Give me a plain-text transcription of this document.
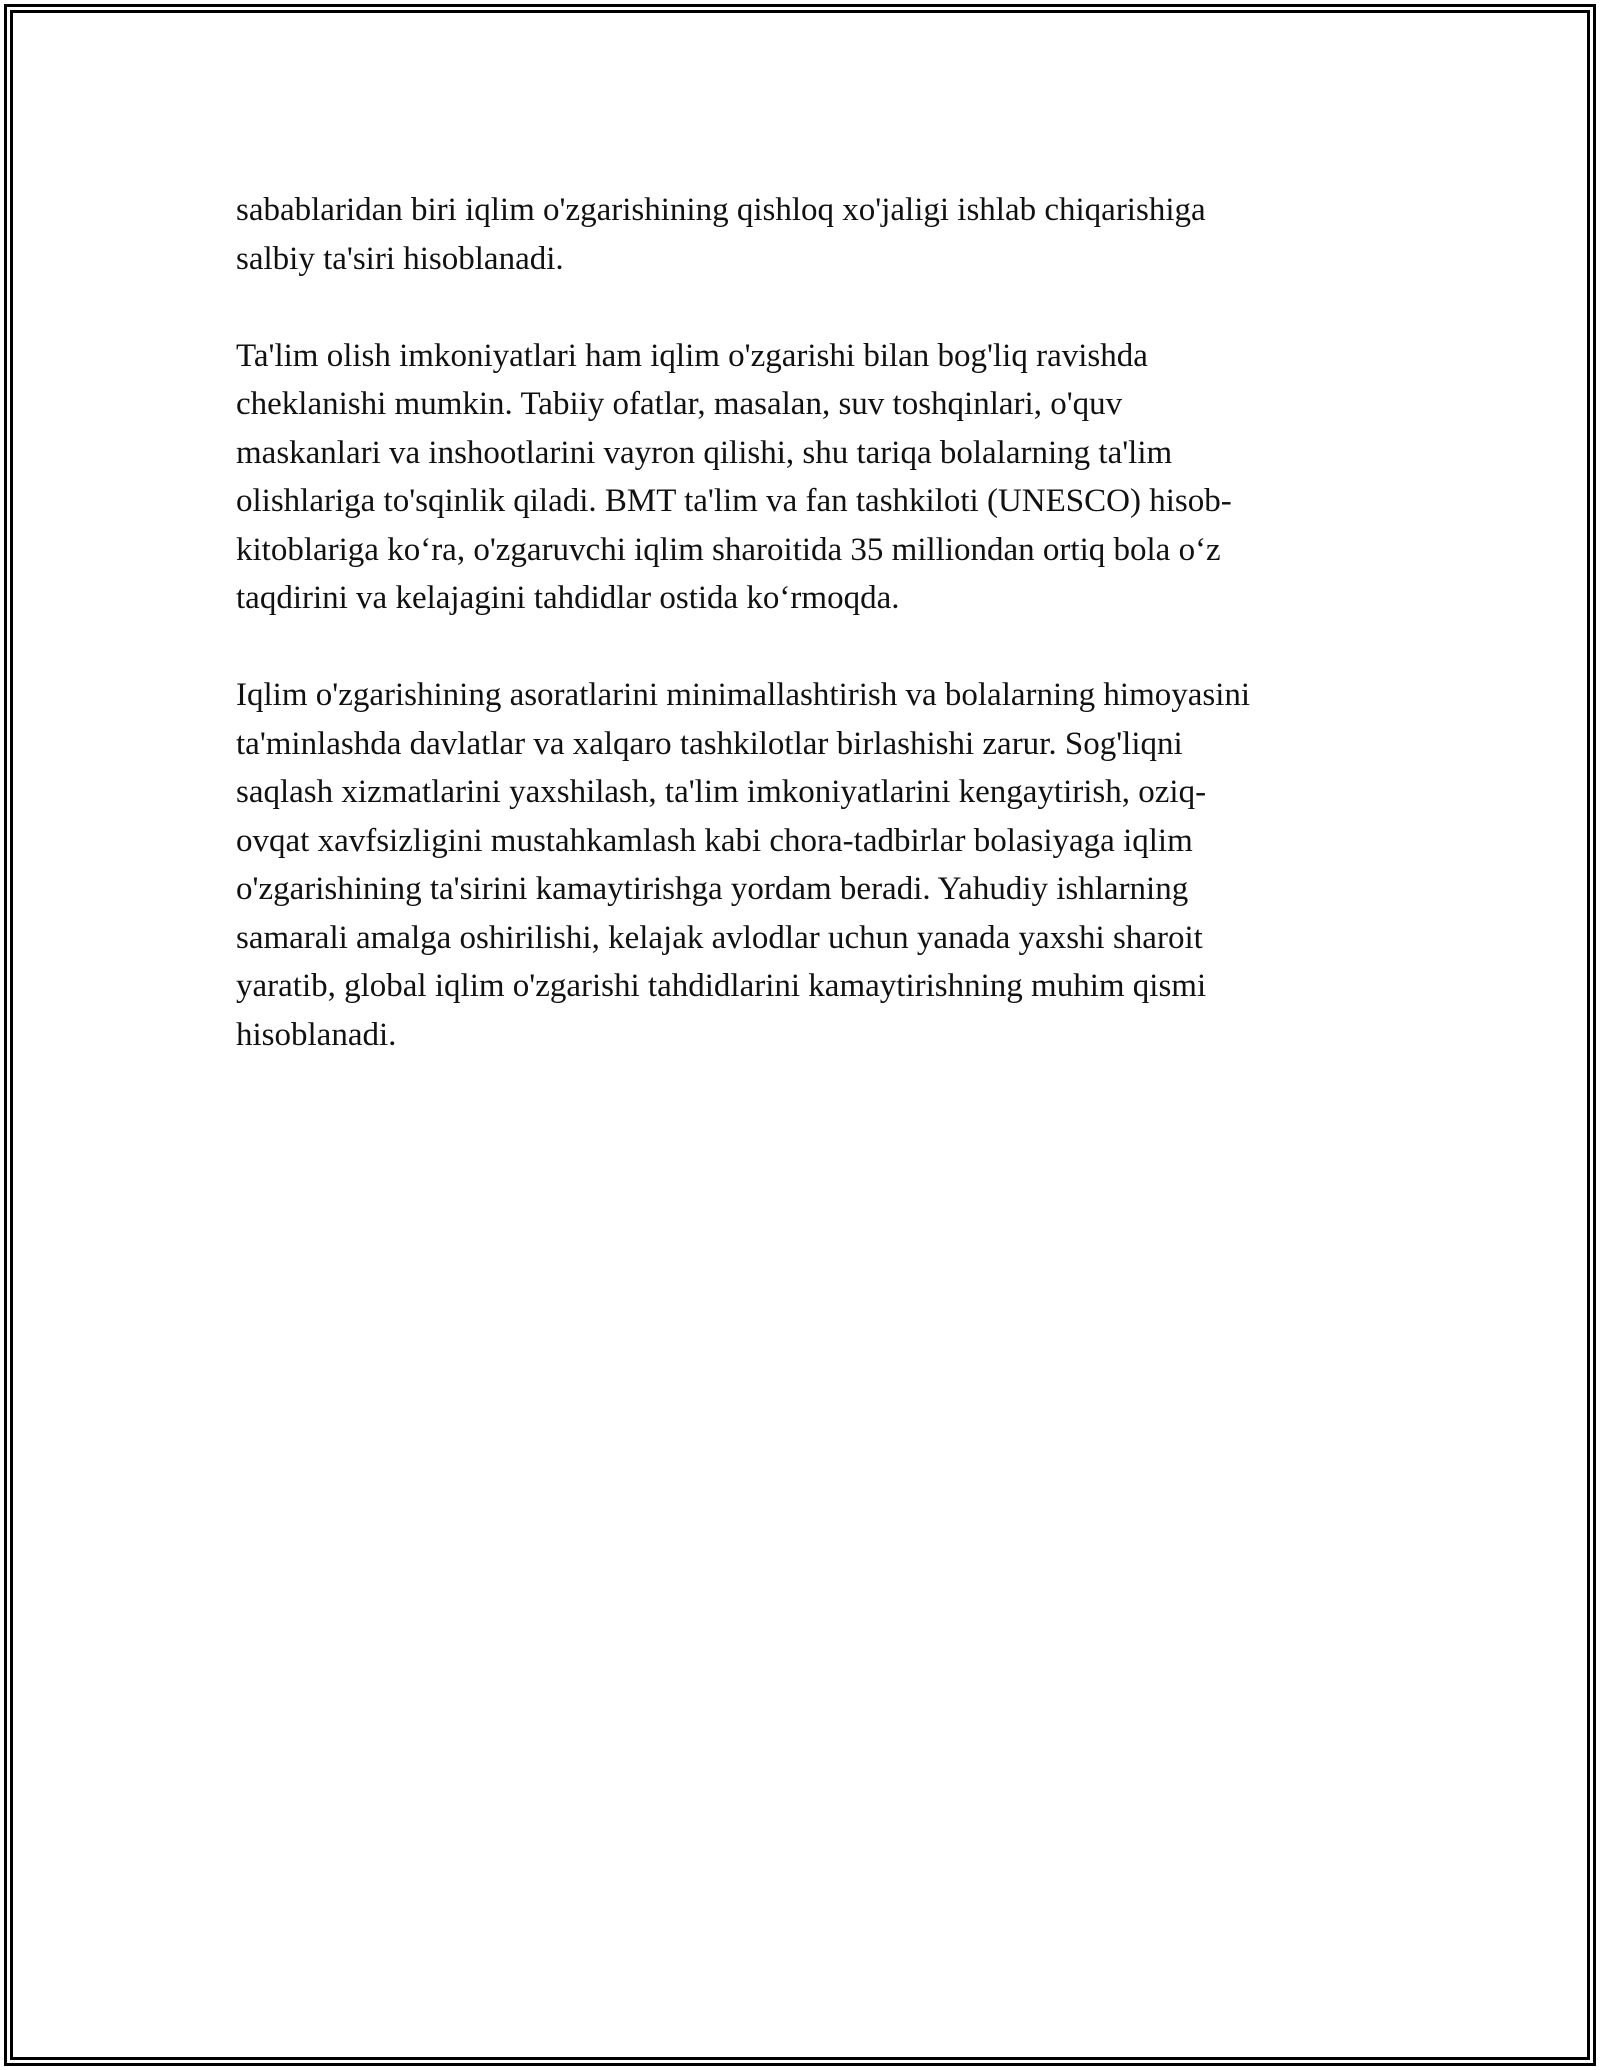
sabablaridan biri iqlim o'zgarishining qishloq xo'jaligi ishlab chiqarishiga
salbiy ta'siri hisoblanadi.

Ta'lim olish imkoniyatlari ham iqlim o'zgarishi bilan bog'liq ravishda
cheklanishi mumkin. Tabiiy ofatlar, masalan, suv toshqinlari, o'quv
maskanlari va inshootlarini vayron qilishi, shu tariqa bolalarning ta'lim
olishlariga to'sqinlik qiladi. BMT ta'lim va fan tashkiloti (UNESCO) hisob-
kitoblariga ko‘ra, o'zgaruvchi iqlim sharoitida 35 milliondan ortiq bola o‘z
taqdirini va kelajagini tahdidlar ostida ko‘rmoqda.

Iqlim o'zgarishining asoratlarini minimallashtirish va bolalarning himoyasini
ta'minlashda davlatlar va xalqaro tashkilotlar birlashishi zarur. Sog'liqni
saqlash xizmatlarini yaxshilash, ta'lim imkoniyatlarini kengaytirish, oziq-
ovqat xavfsizligini mustahkamlash kabi chora-tadbirlar bolasiyaga iqlim
o'zgarishining ta'sirini kamaytirishga yordam beradi. Yahudiy ishlarning
samarali amalga oshirilishi, kelajak avlodlar uchun yanada yaxshi sharoit
yaratib, global iqlim o'zgarishi tahdidlarini kamaytirishning muhim qismi
hisoblanadi.
